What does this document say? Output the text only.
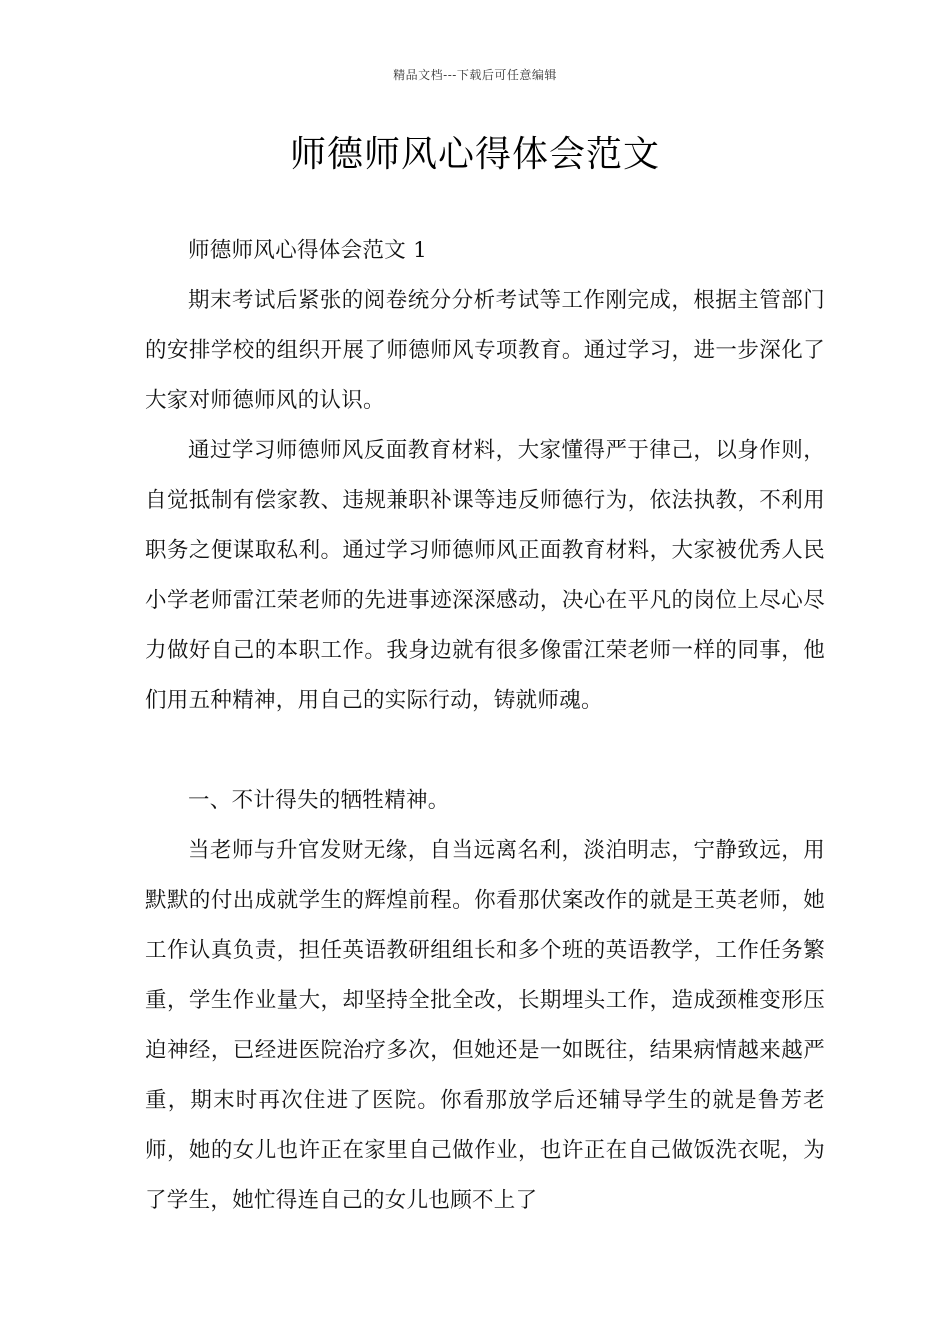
精品文档---下载后可任意编辑
师德师风心得体会范文

师德师风心得体会范文 1

期末考试后紧张的阅卷统分分析考试等工作刚完成，根据主管部门的安排学校的组织开展了师德师风专项教育。通过学习，进一步深化了大家对师德师风的认识。

通过学习师德师风反面教育材料，大家懂得严于律己，以身作则，自觉抵制有偿家教、违规兼职补课等违反师德行为，依法执教，不利用职务之便谋取私利。通过学习师德师风正面教育材料，大家被优秀人民小学老师雷江荣老师的先进事迹深深感动，决心在平凡的岗位上尽心尽力做好自己的本职工作。我身边就有很多像雷江荣老师一样的同事，他们用五种精神，用自己的实际行动，铸就师魂。

一、不计得失的牺牲精神。

当老师与升官发财无缘，自当远离名利，淡泊明志，宁静致远，用默默的付出成就学生的辉煌前程。你看那伏案改作的就是王英老师，她工作认真负责，担任英语教研组组长和多个班的英语教学，工作任务繁重，学生作业量大，却坚持全批全改，长期埋头工作，造成颈椎变形压迫神经，已经进医院治疗多次，但她还是一如既往，结果病情越来越严重，期末时再次住进了医院。你看那放学后还辅导学生的就是鲁芳老师，她的女儿也许正在家里自己做作业，也许正在自己做饭洗衣呢，为了学生，她忙得连自己的女儿也顾不上了
